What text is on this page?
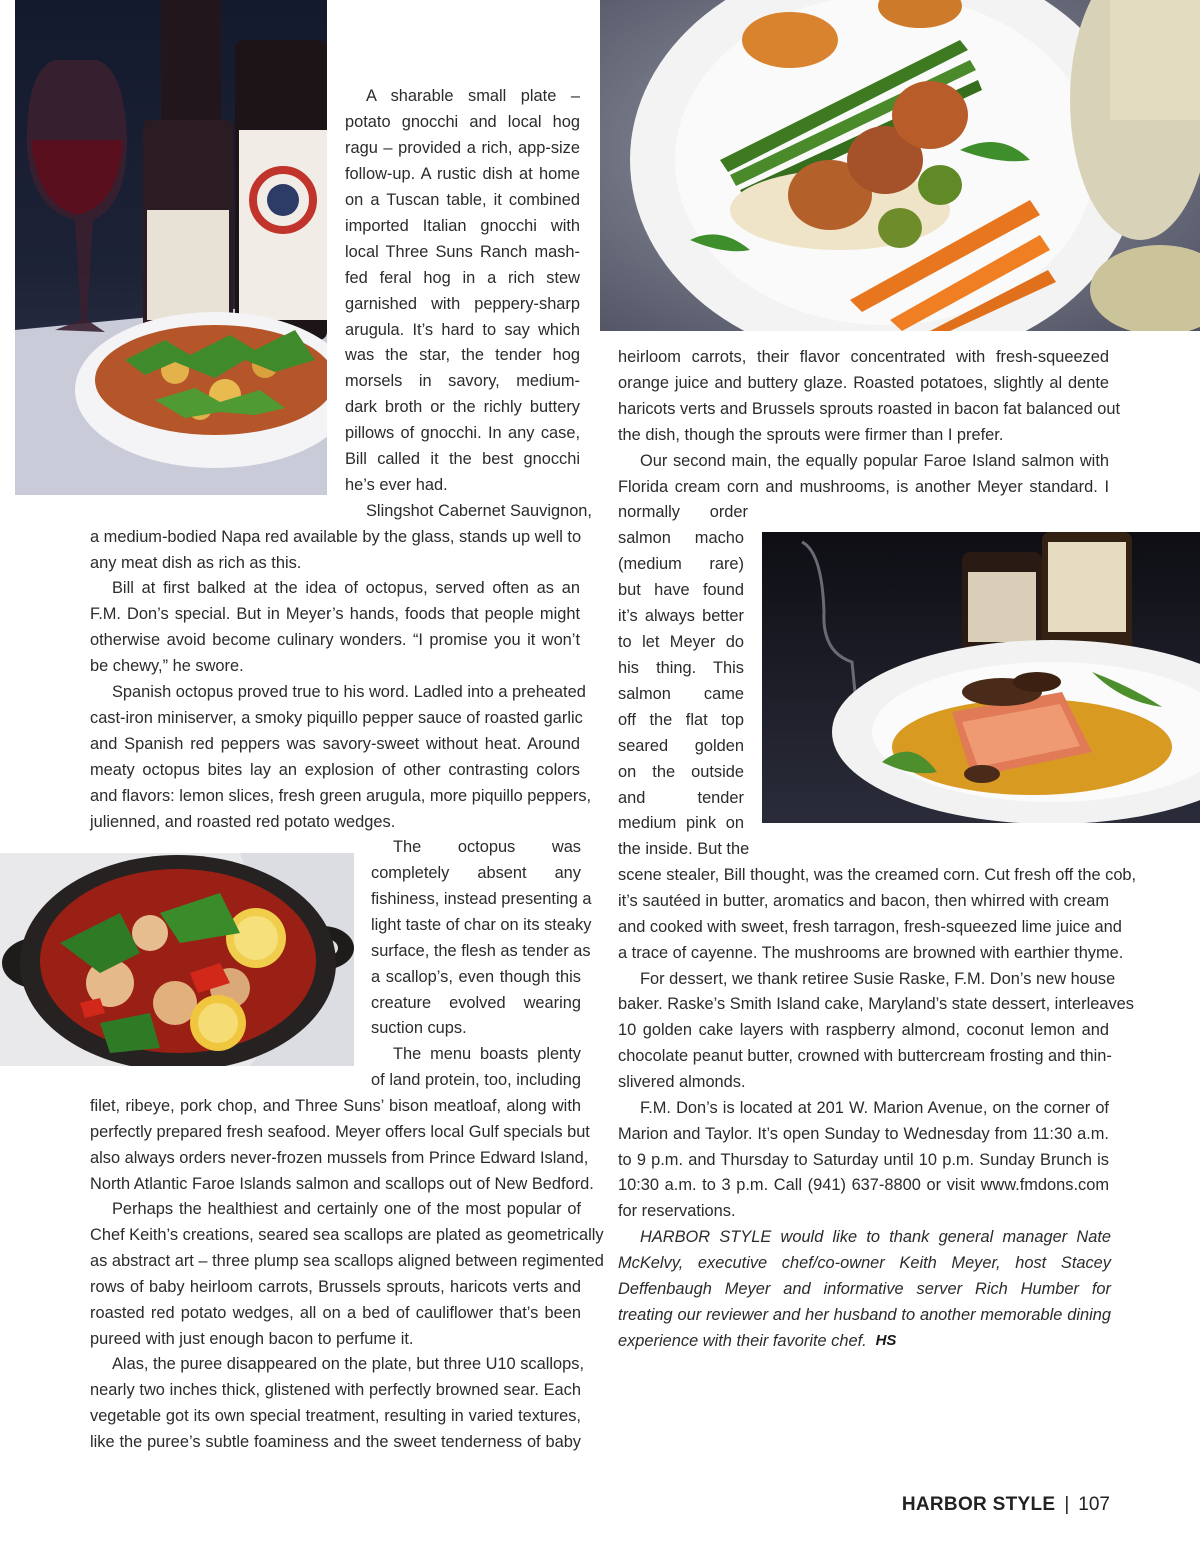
A sharable small plate –

potato gnocchi and local hog

ragu – provided a rich, app-size

follow-up. A rustic dish at home

on a Tuscan table, it combined

imported Italian gnocchi with

local Three Suns Ranch mash-

fed feral hog in a rich stew

garnished with peppery-sharp

arugula. It’s hard to say which

was the star, the tender hog

morsels in savory, medium-

dark broth or the richly buttery

pillows of gnocchi. In any case,

Bill called it the best gnocchi

he’s ever had.

Slingshot Cabernet Sauvignon,

a medium-bodied Napa red available by the glass, stands up well to

any meat dish as rich as this.

Bill at first balked at the idea of octopus, served often as an

F.M. Don’s special. But in Meyer’s hands, foods that people might

otherwise avoid become culinary wonders. “I promise you it won’t

be chewy,” he swore.

Spanish octopus proved true to his word. Ladled into a preheated

cast-iron miniserver, a smoky piquillo pepper sauce of roasted garlic

and Spanish red peppers was savory-sweet without heat. Around

meaty octopus bites lay an explosion of other contrasting colors

and flavors: lemon slices, fresh green arugula, more piquillo peppers,

julienned, and roasted red potato wedges.

The octopus was

completely absent any

fishiness, instead presenting a

light taste of char on its steaky

surface, the flesh as tender as

a scallop’s, even though this

creature evolved wearing

suction cups.

The menu boasts plenty

of land protein, too, including

filet, ribeye, pork chop, and Three Suns’ bison meatloaf, along with

perfectly prepared fresh seafood. Meyer offers local Gulf specials but

also always orders never-frozen mussels from Prince Edward Island,

North Atlantic Faroe Islands salmon and scallops out of New Bedford.

Perhaps the healthiest and certainly one of the most popular of

Chef Keith’s creations, seared sea scallops are plated as geometrically

as abstract art – three plump sea scallops aligned between regimented

rows of baby heirloom carrots, Brussels sprouts, haricots verts and

roasted red potato wedges, all on a bed of cauliflower that’s been

pureed with just enough bacon to perfume it.

Alas, the puree disappeared on the plate, but three U10 scallops,

nearly two inches thick, glistened with perfectly browned sear. Each

vegetable got its own special treatment, resulting in varied textures,

like the puree’s subtle foaminess and the sweet tenderness of baby

heirloom carrots, their flavor concentrated with fresh-squeezed

orange juice and buttery glaze. Roasted potatoes, slightly al dente

haricots verts and Brussels sprouts roasted in bacon fat balanced out

the dish, though the sprouts were firmer than I prefer.

Our second main, the equally popular Faroe Island salmon with

Florida cream corn and mushrooms, is another Meyer standard. I

normally order

salmon macho

(medium rare)

but have found

it’s always better

to let Meyer do

his thing. This

salmon came

off the flat top

seared golden

on the outside

and tender

medium pink on

the inside. But the

scene stealer, Bill thought, was the creamed corn. Cut fresh off the cob,

it’s sautéed in butter, aromatics and bacon, then whirred with cream

and cooked with sweet, fresh tarragon, fresh-squeezed lime juice and

a trace of cayenne. The mushrooms are browned with earthier thyme.

For dessert, we thank retiree Susie Raske, F.M. Don’s new house

baker. Raske’s Smith Island cake, Maryland’s state dessert, interleaves

10 golden cake layers with raspberry almond, coconut lemon and

chocolate peanut butter, crowned with buttercream frosting and thin-

slivered almonds.

F.M. Don’s is located at 201 W. Marion Avenue, on the corner of

Marion and Taylor. It’s open Sunday to Wednesday from 11:30 a.m.

to 9 p.m. and Thursday to Saturday until 10 p.m. Sunday Brunch is

10:30 a.m. to 3 p.m. Call (941) 637-8800 or visit www.fmdons.com

for reservations.

HARBOR STYLE would like to thank general manager Nate

McKelvy, executive chef/co-owner Keith Meyer, host Stacey

Deffenbaugh Meyer and informative server Rich Humber for

treating our reviewer and her husband to another memorable dining

experience with their favorite chef. HS

HARBOR STYLE | 107
